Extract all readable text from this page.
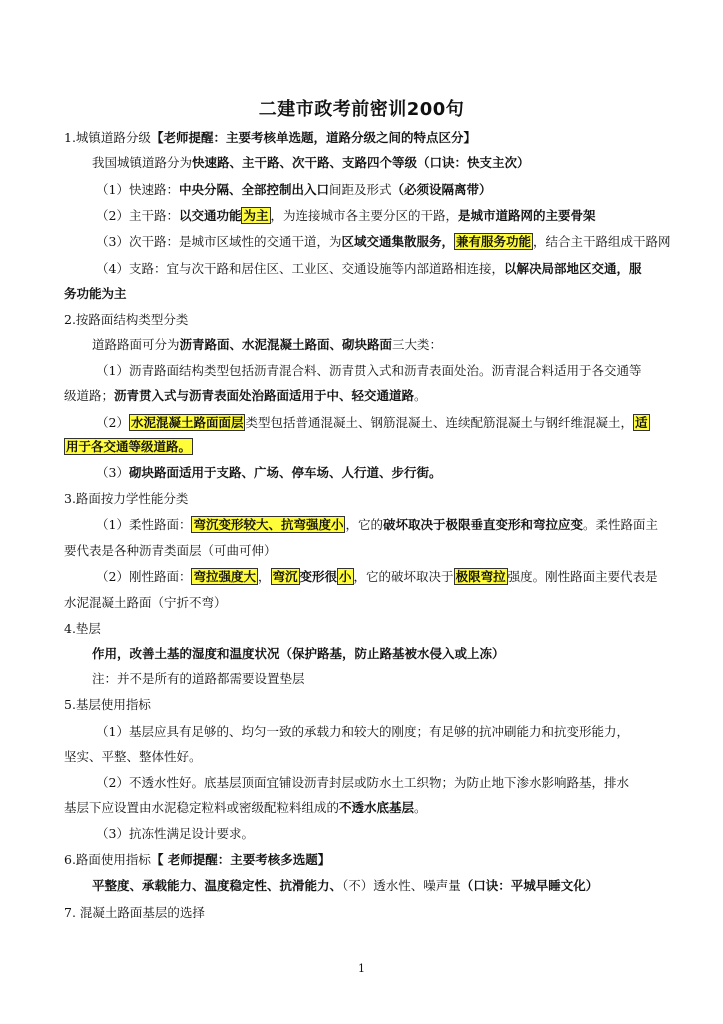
二建市政考前密训200句
1.城镇道路分级【老师提醒：主要考核单选题，道路分级之间的特点区分】
我国城镇道路分为快速路、主干路、次干路、支路四个等级（口诀：快支主次）
（1）快速路：中央分隔、全部控制出入口间距及形式（必须设隔离带）
（2）主干路：以交通功能 为主 ，为连接城市各主要分区的干路，是城市道路网的主要骨架
（3）次干路：是城市区域性的交通干道，为区域交通集散服务， 兼有服务功能 ，结合主干路组成干路网
（4）支路：宜与次干路和居住区、工业区、交通设施等内部道路相连接，以解决局部地区交通，服
务功能为主
2.按路面结构类型分类
道路路面可分为沥青路面、水泥混凝土路面、砌块路面三大类：
（1）沥青路面结构类型包括沥青混合料、沥青贯入式和沥青表面处治。沥青混合料适用于各交通等
级道路；沥青贯入式与沥青表面处治路面适用于中、轻交通道路。
（2） 水泥混凝土路面面层 类型包括普通混凝土、钢筋混凝土、连续配筋混凝土与钢纤维混凝土， 适
用于各交通等级道路。
（3）砌块路面适用于支路、广场、停车场、人行道、步行街。
3.路面按力学性能分类
（1）柔性路面： 弯沉变形较大、抗弯强度小 ，它的破坏取决于极限垂直变形和弯拉应变。柔性路面主
要代表是各种沥青类面层（可曲可伸）
（2）刚性路面： 弯拉强度大 ， 弯沉 变形很 小 ，它的破坏取决于 极限弯拉 强度。刚性路面主要代表是
水泥混凝土路面（宁折不弯）
4.垫层
作用，改善土基的湿度和温度状况（保护路基，防止路基被水侵入或上冻）
注：并不是所有的道路都需要设置垫层
5.基层使用指标
（1）基层应具有足够的、均匀一致的承载力和较大的刚度；有足够的抗冲刷能力和抗变形能力，
坚实、平整、整体性好。
（2）不透水性好。底基层顶面宜铺设沥青封层或防水土工织物；为防止地下渗水影响路基，排水
基层下应设置由水泥稳定粒料或密级配粒料组成的不透水底基层。
（3）抗冻性满足设计要求。
6.路面使用指标【 老师提醒：主要考核多选题】
平整度、承载能力、温度稳定性、抗滑能力、（不）透水性、噪声量（口诀：平城早睡文化）
7. 混凝土路面基层的选择
1
